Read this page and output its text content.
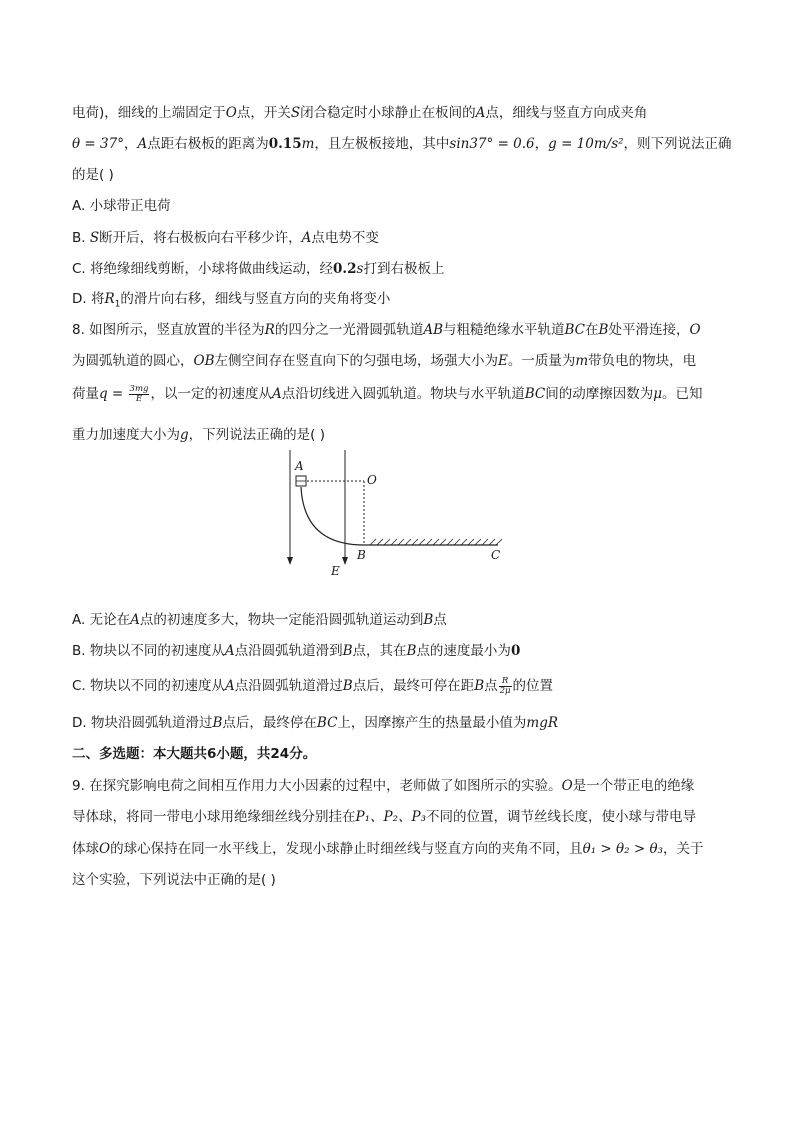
电荷)，细线的上端固定于O点，开关S闭合稳定时小球静止在板间的A点，细线与竖直方向成夹角
θ = 37°，A点距右极板的距离为0.15m，且左极板接地，其中sin37° = 0.6，g = 10m/s²，则下列说法正确
的是( )
A. 小球带正电荷
B. S断开后，将右极板向右平移少许，A点电势不变
C. 将绝缘细线剪断，小球将做曲线运动，经0.2s打到右极板上
D. 将$R_1$的滑片向右移，细线与竖直方向的夹角将变小
8. 如图所示，竖直放置的半径为R的四分之一光滑圆弧轨道AB与粗糙绝缘水平轨道BC在B处平滑连接，O
为圆弧轨道的圆心，OB左侧空间存在竖直向下的匀强电场，场强大小为E。一质量为m带负电的物块，电
荷量$q = \frac{3mg}{E}$ ，以一定的初速度从A点沿切线进入圆弧轨道。物块与水平轨道BC间的动摩擦因数为μ。已知
重力加速度大小为g，下列说法正确的是( )
A
O
B	C
E
A. 无论在A点的初速度多大，物块一定能沿圆弧轨道运动到B点
B. 物块以不同的初速度从A点沿圆弧轨道滑到B点，其在B点的速度最小为0
C. 物块以不同的初速度从A点沿圆弧轨道滑过B点后，最终可停在距B点 $\frac{R}{2\mu}$ 的位置
D. 物块沿圆弧轨道滑过B点后，最终停在BC上，因摩擦产生的热量最小值为mgR
二、多选题：本大题共6小题，共24分。
9. 在探究影响电荷之间相互作用力大小因素的过程中，老师做了如图所示的实验。O是一个带正电的绝缘
导体球，将同一带电小球用绝缘细丝线分别挂在P₁、P₂、P₃不同的位置，调节丝线长度，使小球与带电导
体球O的球心保持在同一水平线上，发现小球静止时细丝线与竖直方向的夹角不同，且θ₁ > θ₂ > θ₃，关于
这个实验，下列说法中正确的是( )
